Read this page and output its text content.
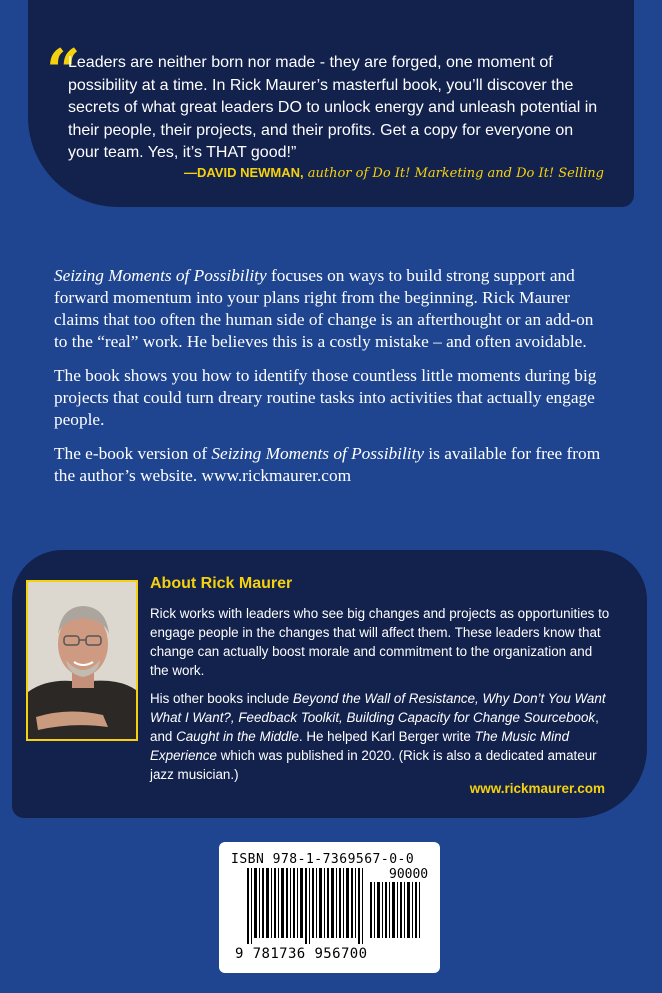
“
Leaders are neither born nor made - they are forged, one moment of possibility at a time. In Rick Maurer’s masterful book, you’ll discover the secrets of what great leaders DO to unlock energy and unleash potential in their people, their projects, and their profits. Get a copy for everyone on your team. Yes, it’s THAT good!”
—DAVID NEWMAN, author of Do It! Marketing and Do It! Selling

Seizing Moments of Possibility focuses on ways to build strong support and forward momentum into your plans right from the beginning. Rick Maurer claims that too often the human side of change is an afterthought or an add-on to the “real” work. He believes this is a costly mistake – and often avoidable.

The book shows you how to identify those countless little moments during big projects that could turn dreary routine tasks into activities that actually engage people.

The e-book version of Seizing Moments of Possibility is available for free from the author’s website. www.rickmaurer.com

About Rick Maurer

Rick works with leaders who see big changes and projects as opportunities to engage people in the changes that will affect them. These leaders know that change can actually boost morale and commitment to the organization and the work.

His other books include Beyond the Wall of Resistance, Why Don’t You Want What I Want?, Feedback Toolkit, Building Capacity for Change Sourcebook, and Caught in the Middle. He helped Karl Berger write The Music Mind Experience which was published in 2020. (Rick is also a dedicated amateur jazz musician.)

www.rickmaurer.com
ISBN 978-1-7369567-0-0
90000
9 781736 956700
